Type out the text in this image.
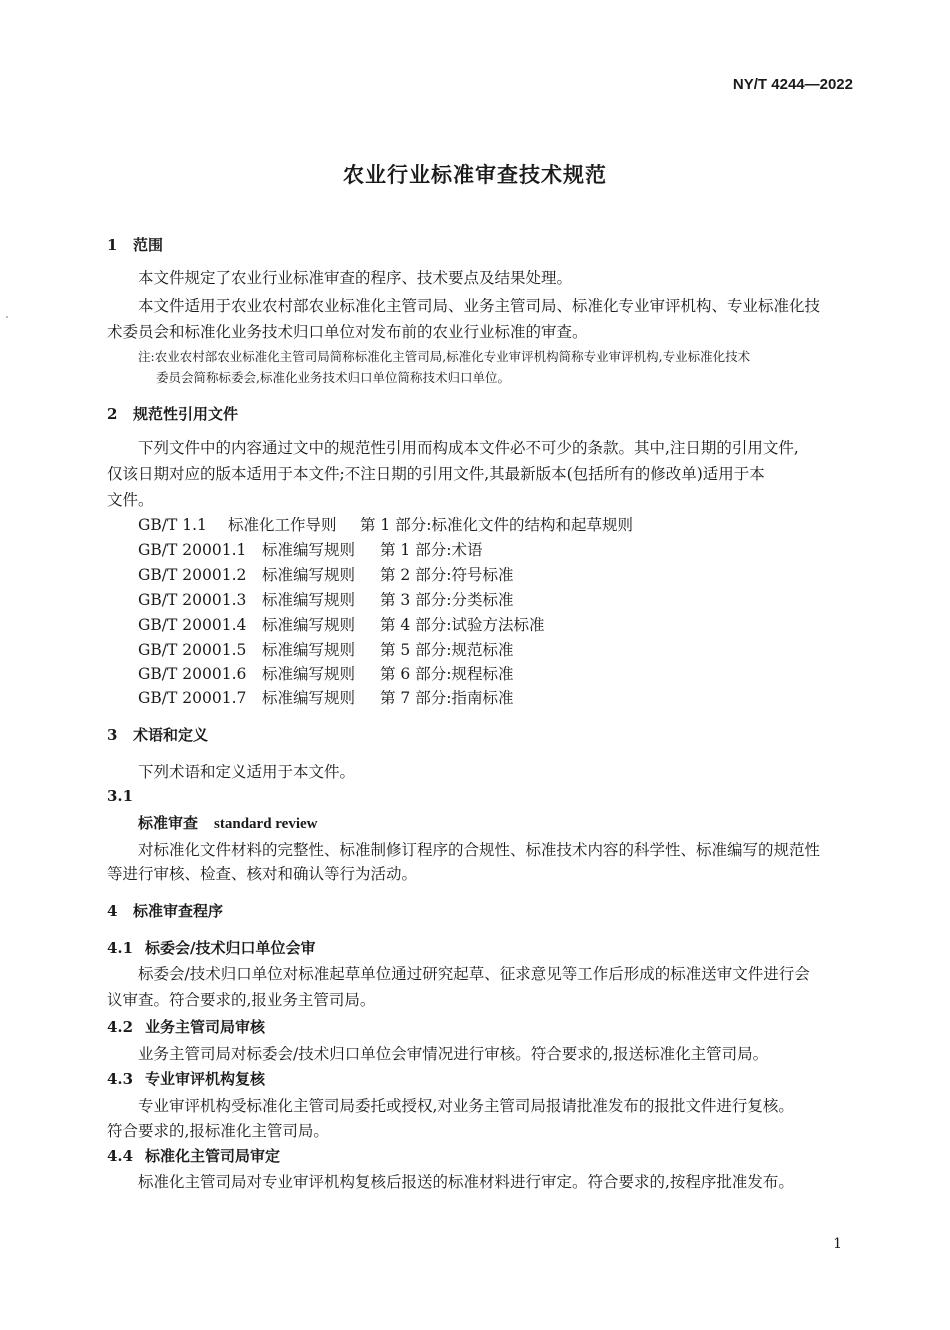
NY/T 4244—2022
农业行业标准审查技术规范
1 范围
本文件规定了农业行业标准审查的程序、技术要点及结果处理。
本文件适用于农业农村部农业标准化主管司局、业务主管司局、标准化专业审评机构、专业标准化技
术委员会和标准化业务技术归口单位对发布前的农业行业标准的审查。
注:农业农村部农业标准化主管司局简称标准化主管司局,标准化专业审评机构简称专业审评机构,专业标准化技术
委员会简称标委会,标准化业务技术归口单位简称技术归口单位。
2 规范性引用文件
下列文件中的内容通过文中的规范性引用而构成本文件必不可少的条款。其中,注日期的引用文件,
仅该日期对应的版本适用于本文件;不注日期的引用文件,其最新版本(包括所有的修改单)适用于本
文件。
GB/T 1.1 标准化工作导则 第 1 部分:标准化文件的结构和起草规则
GB/T 20001.1 标准编写规则 第 1 部分:术语
GB/T 20001.2 标准编写规则 第 2 部分:符号标准
GB/T 20001.3 标准编写规则 第 3 部分:分类标准
GB/T 20001.4 标准编写规则 第 4 部分:试验方法标准
GB/T 20001.5 标准编写规则 第 5 部分:规范标准
GB/T 20001.6 标准编写规则 第 6 部分:规程标准
GB/T 20001.7 标准编写规则 第 7 部分:指南标准
3 术语和定义
下列术语和定义适用于本文件。
3.1
标准审查 standard review
对标准化文件材料的完整性、标准制修订程序的合规性、标准技术内容的科学性、标准编写的规范性
等进行审核、检查、核对和确认等行为活动。
4 标准审查程序
4.1 标委会/技术归口单位会审
标委会/技术归口单位对标准起草单位通过研究起草、征求意见等工作后形成的标准送审文件进行会
议审查。符合要求的,报业务主管司局。
4.2 业务主管司局审核
业务主管司局对标委会/技术归口单位会审情况进行审核。符合要求的,报送标准化主管司局。
4.3 专业审评机构复核
专业审评机构受标准化主管司局委托或授权,对业务主管司局报请批准发布的报批文件进行复核。
符合要求的,报标准化主管司局。
4.4 标准化主管司局审定
标准化主管司局对专业审评机构复核后报送的标准材料进行审定。符合要求的,按程序批准发布。
1
